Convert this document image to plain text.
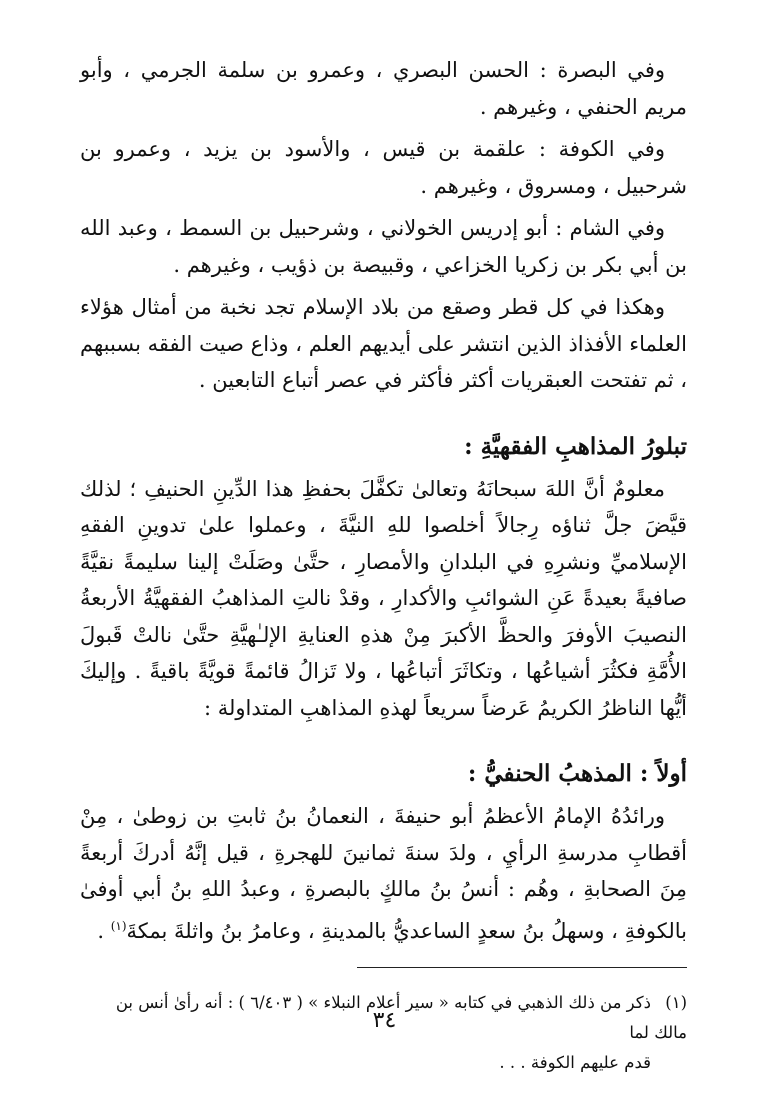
وفي البصرة : الحسن البصري ، وعمرو بن سلمة الجرمي ، وأبو مريم الحنفي ، وغيرهم .

وفي الكوفة : علقمة بن قيس ، والأسود بن يزيد ، وعمرو بن شرحبيل ، ومسروق ، وغيرهم .

وفي الشام : أبو إدريس الخولاني ، وشرحبيل بن السمط ، وعبد الله بن أبي بكر بن زكريا الخزاعي ، وقبيصة بن ذؤيب ، وغيرهم .

وهكذا في كل قطر وصقع من بلاد الإسلام تجد نخبة من أمثال هؤلاء العلماء الأفذاذ الذين انتشر على أيديهم العلم ، وذاع صيت الفقه بسببهم ، ثم تفتحت العبقريات أكثر فأكثر في عصر أتباع التابعين .

تبلورُ المذاهبِ الفقهيَّةِ :

معلومٌ أنَّ اللهَ سبحانَهُ وتعالىٰ تكفَّلَ بحفظِ هذا الدِّينِ الحنيفِ ؛ لذلك قيَّضَ جلَّ ثناؤه رِجالاً أخلصوا للهِ النيَّةَ ، وعملوا علىٰ تدوينِ الفقهِ الإسلاميِّ ونشرِهِ في البلدانِ والأمصارِ ، حتَّىٰ وصَلَتْ إلينا سليمةً نقيَّةً صافيةً بعيدةً عَنِ الشوائبِ والأكدارِ ، وقدْ نالتِ المذاهبُ الفقهيَّةُ الأربعةُ النصيبَ الأوفرَ والحظَّ الأكبرَ مِنْ هذهِ العنايةِ الإلـٰهيَّةِ حتَّىٰ نالتْ قَبولَ الأُمَّةِ فكثُرَ أشياعُها ، وتكاثَرَ أتباعُها ، ولا تَزالُ قائمةً قويَّةً باقيةً . وإليكَ أيُّها الناظرُ الكريمُ عَرضاً سريعاً لهذهِ المذاهبِ المتداولة :

أولاً : المذهبُ الحنفيُّ :

ورائدُهُ الإمامُ الأعظمُ أبو حنيفةَ ، النعمانُ بنُ ثابتِ بن زوطىٰ ، مِنْ أقطابِ مدرسةِ الرأيِ ، ولدَ سنةَ ثمانينَ للهجرةِ ، قيل إنَّهُ أدركَ أربعةً مِنَ الصحابةِ ، وهُم : أنسُ بنُ مالكٍ بالبصرةِ ، وعبدُ اللهِ بنُ أبي أوفىٰ بالكوفةِ ، وسهلُ بنُ سعدٍ الساعديُّ بالمدينةِ ، وعامرُ بنُ واثلةَ بمكةَ$^{(١)}$ .

(١)ذكر من ذلك الذهبي في كتابه « سير أعلام النبلاء » ( ٦/٤٠٣ ) : أنه رأىٰ أنس بن مالك لما
قدم عليهم الكوفة . . .
٣٤
